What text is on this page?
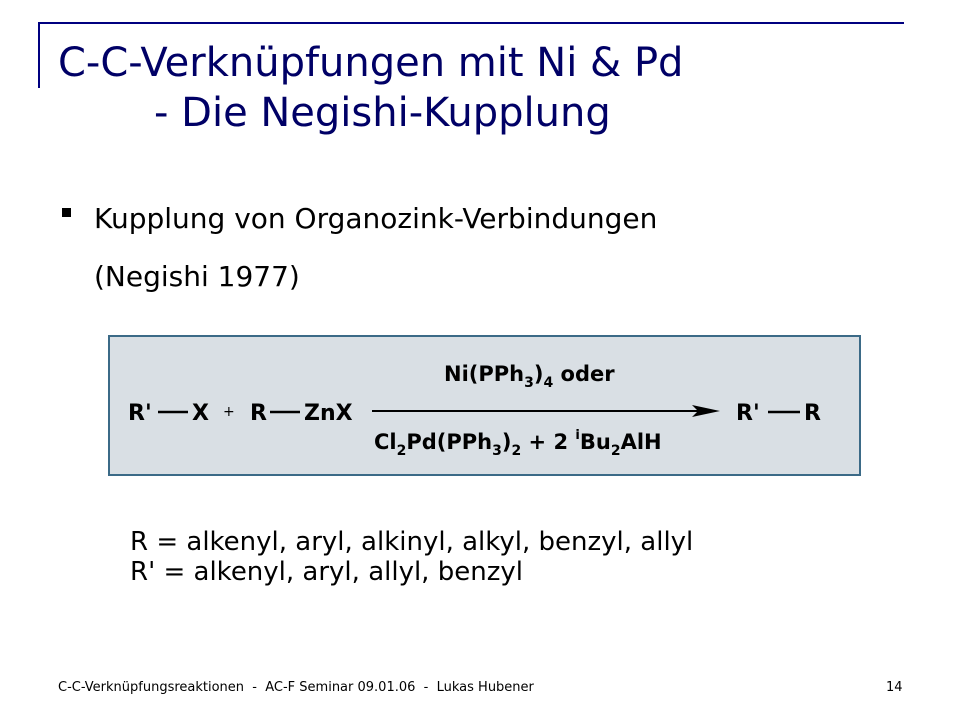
C-C-Verknüpfungen mit Ni & Pd
- Die Negishi-Kupplung

Kupplung von Organozink-Verbindungen
(Negishi 1977)

R' X + R ZnX
$Ni(PPh_3)_4$ oder
$Cl_2Pd(PPh_3)_2 + 2$ $^iBu_2AlH$
R' R

R = alkenyl, aryl, alkinyl, alkyl, benzyl, allyl
R' = alkenyl, aryl, allyl, benzyl

C-C-Verknüpfungsreaktionen  -  AC-F Seminar 09.01.06  -  Lukas Hubener	14
